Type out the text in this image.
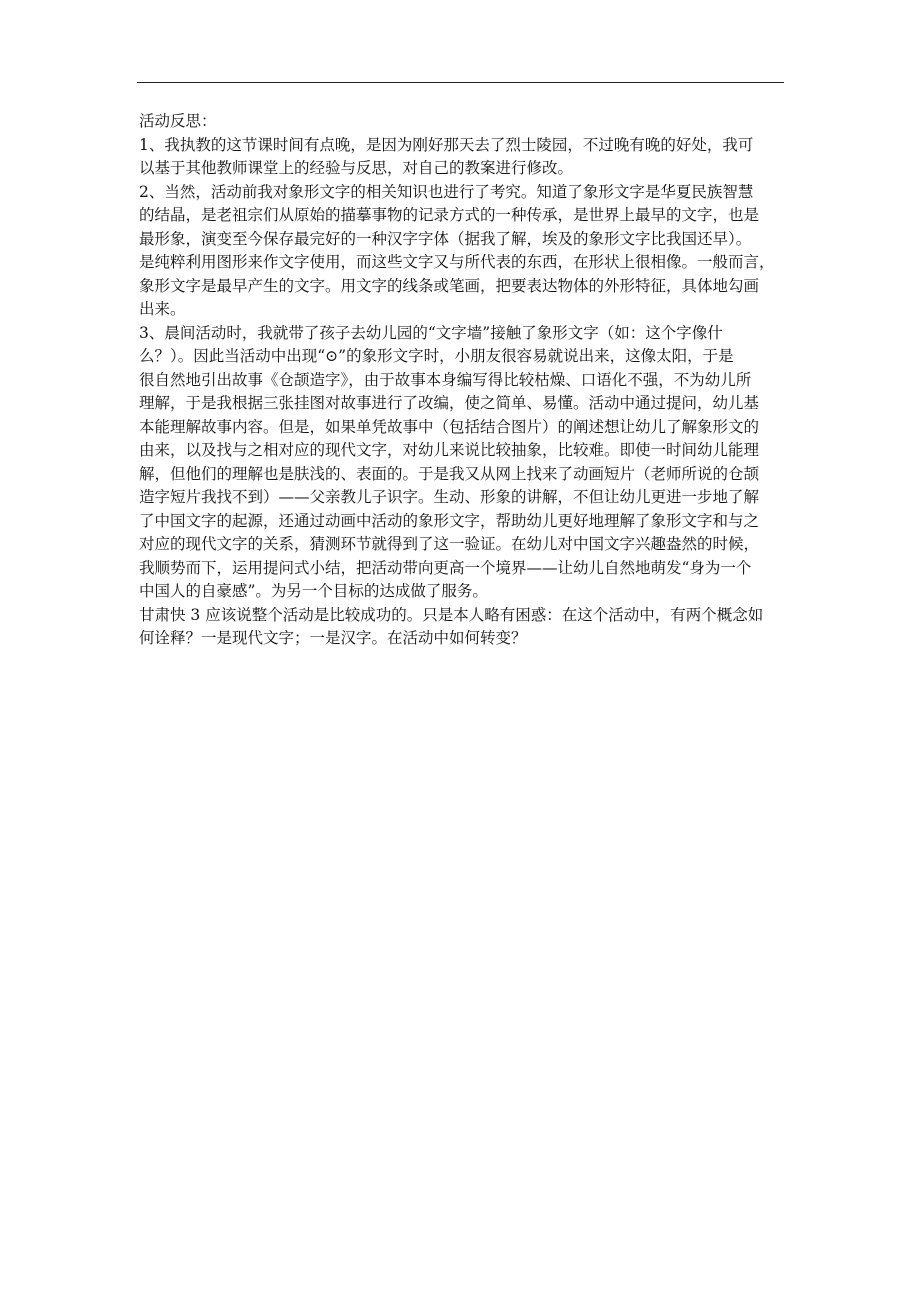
活动反思：
1、我执教的这节课时间有点晚，是因为刚好那天去了烈士陵园，不过晚有晚的好处，我可
以基于其他教师课堂上的经验与反思，对自己的教案进行修改。
2、当然，活动前我对象形文字的相关知识也进行了考究。知道了象形文字是华夏民族智慧
的结晶，是老祖宗们从原始的描摹事物的记录方式的一种传承，是世界上最早的文字，也是
最形象，演变至今保存最完好的一种汉字字体（据我了解，埃及的象形文字比我国还早）。
是纯粹利用图形来作文字使用，而这些文字又与所代表的东西，在形状上很相像。一般而言，
象形文字是最早产生的文字。用文字的线条或笔画，把要表达物体的外形特征，具体地勾画
出来。
3、晨间活动时，我就带了孩子去幼儿园的“文字墙”接触了象形文字（如：这个字像什
么？）。因此当活动中出现“⊙”的象形文字时，小朋友很容易就说出来，这像太阳，于是
很自然地引出故事《仓颉造字》，由于故事本身编写得比较枯燥、口语化不强，不为幼儿所
理解，于是我根据三张挂图对故事进行了改编，使之简单、易懂。活动中通过提问，幼儿基
本能理解故事内容。但是，如果单凭故事中（包括结合图片）的阐述想让幼儿了解象形文的
由来，以及找与之相对应的现代文字，对幼儿来说比较抽象，比较难。即使一时间幼儿能理
解，但他们的理解也是肤浅的、表面的。于是我又从网上找来了动画短片（老师所说的仓颉
造字短片我找不到）——父亲教儿子识字。生动、形象的讲解，不但让幼儿更进一步地了解
了中国文字的起源，还通过动画中活动的象形文字，帮助幼儿更好地理解了象形文字和与之
对应的现代文字的关系，猜测环节就得到了这一验证。在幼儿对中国文字兴趣盎然的时候，
我顺势而下，运用提问式小结，把活动带向更高一个境界——让幼儿自然地萌发“身为一个
中国人的自豪感”。为另一个目标的达成做了服务。
甘肃快 3 应该说整个活动是比较成功的。只是本人略有困惑：在这个活动中，有两个概念如
何诠释？一是现代文字；一是汉字。在活动中如何转变？
